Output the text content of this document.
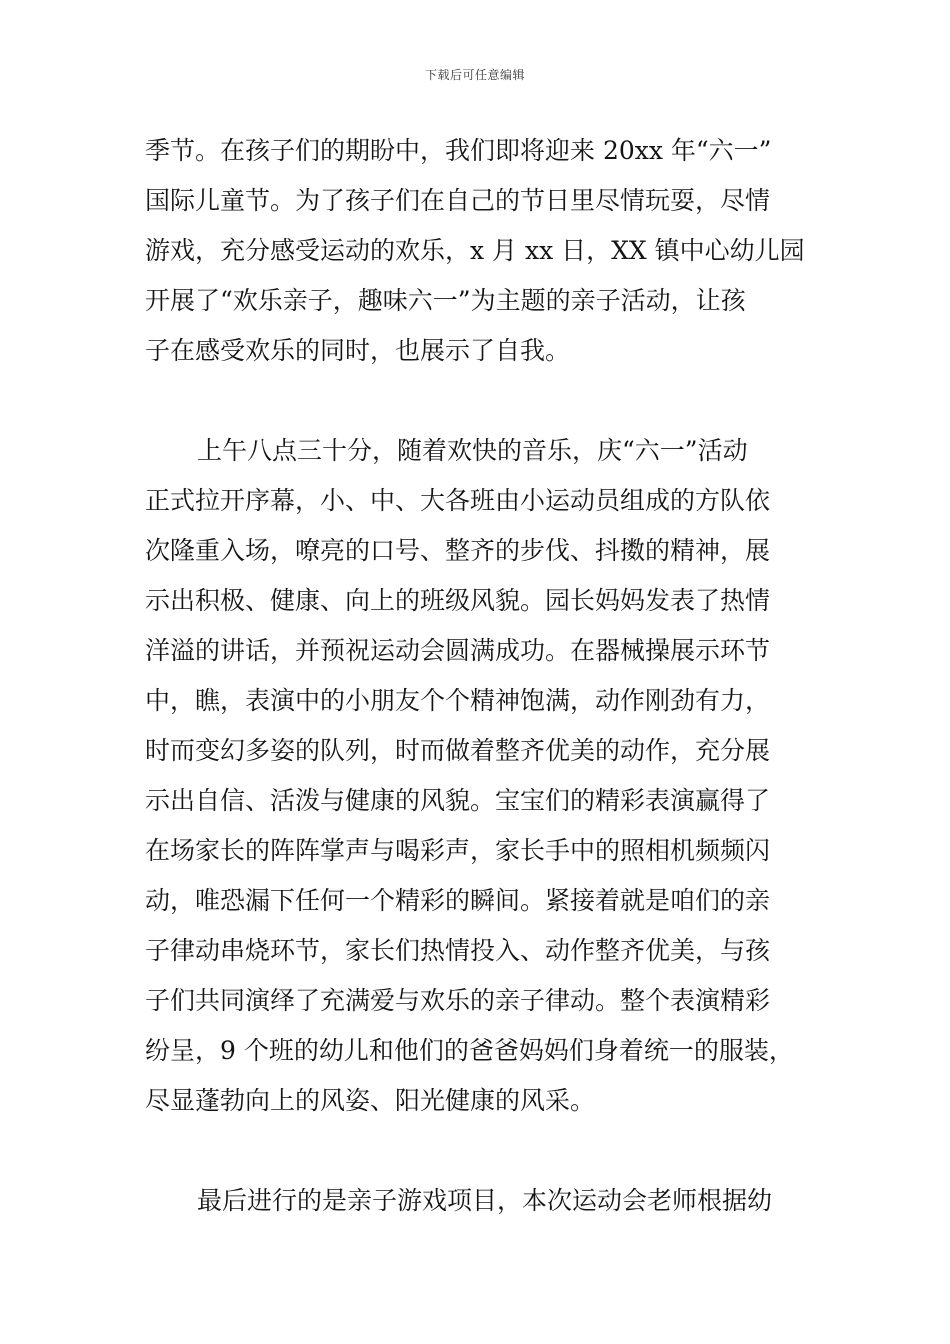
下载后可任意编辑
季节。在孩子们的期盼中，我们即将迎来 20xx 年“六一”
国际儿童节。为了孩子们在自己的节日里尽情玩耍，尽情
游戏，充分感受运动的欢乐，x 月 xx 日，XX 镇中心幼儿园
开展了“欢乐亲子，趣味六一”为主题的亲子活动，让孩
子在感受欢乐的同时，也展示了自我。
上午八点三十分，随着欢快的音乐，庆“六一”活动
正式拉开序幕，小、中、大各班由小运动员组成的方队依
次隆重入场，嘹亮的口号、整齐的步伐、抖擞的精神，展
示出积极、健康、向上的班级风貌。园长妈妈发表了热情
洋溢的讲话，并预祝运动会圆满成功。在器械操展示环节
中，瞧，表演中的小朋友个个精神饱满，动作刚劲有力，
时而变幻多姿的队列，时而做着整齐优美的动作，充分展
示出自信、活泼与健康的风貌。宝宝们的精彩表演赢得了
在场家长的阵阵掌声与喝彩声，家长手中的照相机频频闪
动，唯恐漏下任何一个精彩的瞬间。紧接着就是咱们的亲
子律动串烧环节，家长们热情投入、动作整齐优美，与孩
子们共同演绎了充满爱与欢乐的亲子律动。整个表演精彩
纷呈，9 个班的幼儿和他们的爸爸妈妈们身着统一的服装，
尽显蓬勃向上的风姿、阳光健康的风采。
最后进行的是亲子游戏项目，本次运动会老师根据幼
